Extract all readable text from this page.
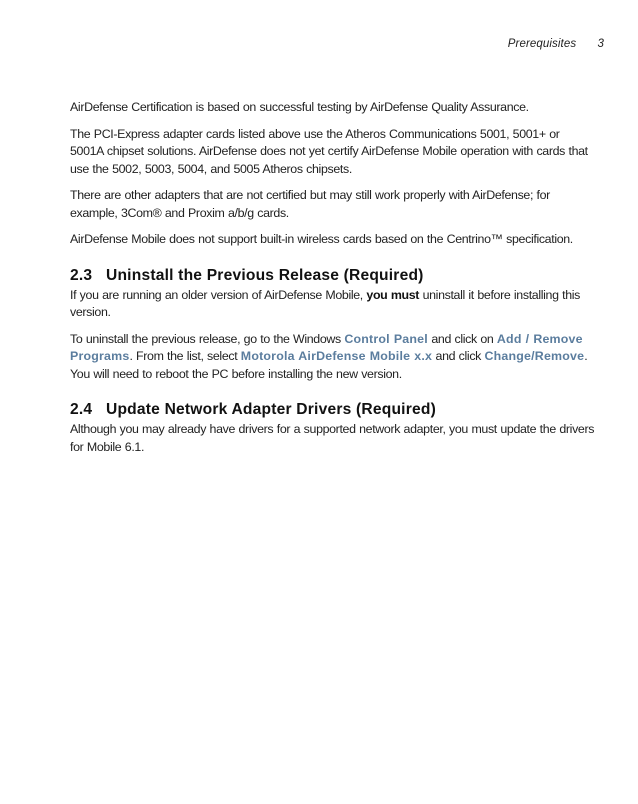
Prerequisites 3

AirDefense Certification is based on successful testing by AirDefense Quality Assurance.

The PCI-Express adapter cards listed above use the Atheros Communications 5001, 5001+ or 5001A chipset solutions. AirDefense does not yet certify AirDefense Mobile operation with cards that use the 5002, 5003, 5004, and 5005 Atheros chipsets.

There are other adapters that are not certified but may still work properly with AirDefense; for example, 3Com® and Proxim a/b/g cards.

AirDefense Mobile does not support built-in wireless cards based on the Centrino™ specification.

2.3 Uninstall the Previous Release (Required)

If you are running an older version of AirDefense Mobile, you must uninstall it before installing this version.

To uninstall the previous release, go to the Windows Control Panel and click on Add / Remove Programs. From the list, select Motorola AirDefense Mobile x.x and click Change/Remove. You will need to reboot the PC before installing the new version.

2.4 Update Network Adapter Drivers (Required)

Although you may already have drivers for a supported network adapter, you must update the drivers for Mobile 6.1.
